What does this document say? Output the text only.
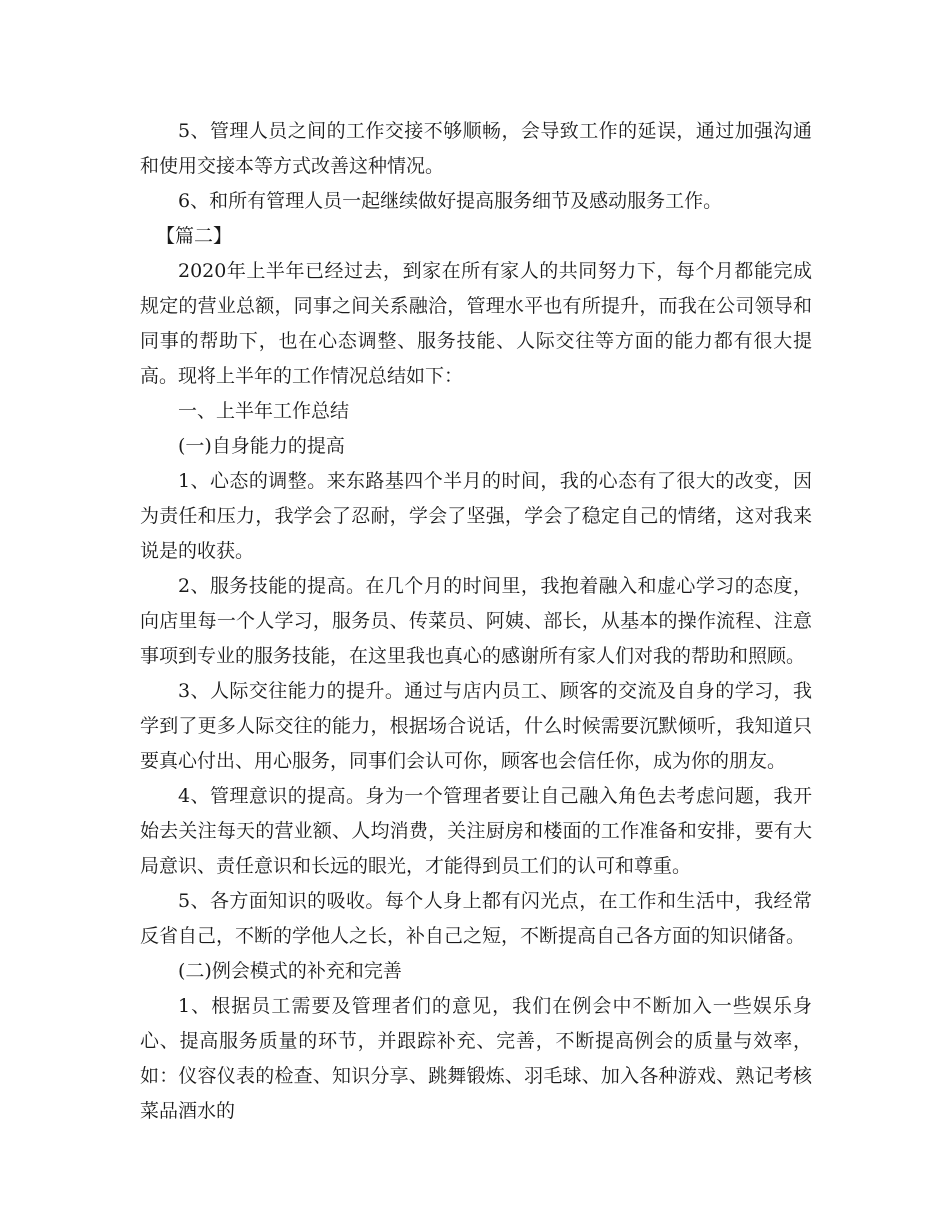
5、管理人员之间的工作交接不够顺畅，会导致工作的延误，通过加强沟通和使用交接本等方式改善这种情况。

6、和所有管理人员一起继续做好提高服务细节及感动服务工作。

【篇二】

2020年上半年已经过去，到家在所有家人的共同努力下，每个月都能完成规定的营业总额，同事之间关系融洽，管理水平也有所提升，而我在公司领导和同事的帮助下，也在心态调整、服务技能、人际交往等方面的能力都有很大提高。现将上半年的工作情况总结如下：

一、上半年工作总结

(一)自身能力的提高

1、心态的调整。来东路基四个半月的时间，我的心态有了很大的改变，因为责任和压力，我学会了忍耐，学会了坚强，学会了稳定自己的情绪，这对我来说是的收获。

2、服务技能的提高。在几个月的时间里，我抱着融入和虚心学习的态度，向店里每一个人学习，服务员、传菜员、阿姨、部长，从基本的操作流程、注意事项到专业的服务技能，在这里我也真心的感谢所有家人们对我的帮助和照顾。

3、人际交往能力的提升。通过与店内员工、顾客的交流及自身的学习，我学到了更多人际交往的能力，根据场合说话，什么时候需要沉默倾听，我知道只要真心付出、用心服务，同事们会认可你，顾客也会信任你，成为你的朋友。

4、管理意识的提高。身为一个管理者要让自己融入角色去考虑问题，我开始去关注每天的营业额、人均消费，关注厨房和楼面的工作准备和安排，要有大局意识、责任意识和长远的眼光，才能得到员工们的认可和尊重。

5、各方面知识的吸收。每个人身上都有闪光点，在工作和生活中，我经常反省自己，不断的学他人之长，补自己之短，不断提高自己各方面的知识储备。

(二)例会模式的补充和完善

1、根据员工需要及管理者们的意见，我们在例会中不断加入一些娱乐身心、提高服务质量的环节，并跟踪补充、完善，不断提高例会的质量与效率，如：仪容仪表的检查、知识分享、跳舞锻炼、羽毛球、加入各种游戏、熟记考核菜品酒水的
